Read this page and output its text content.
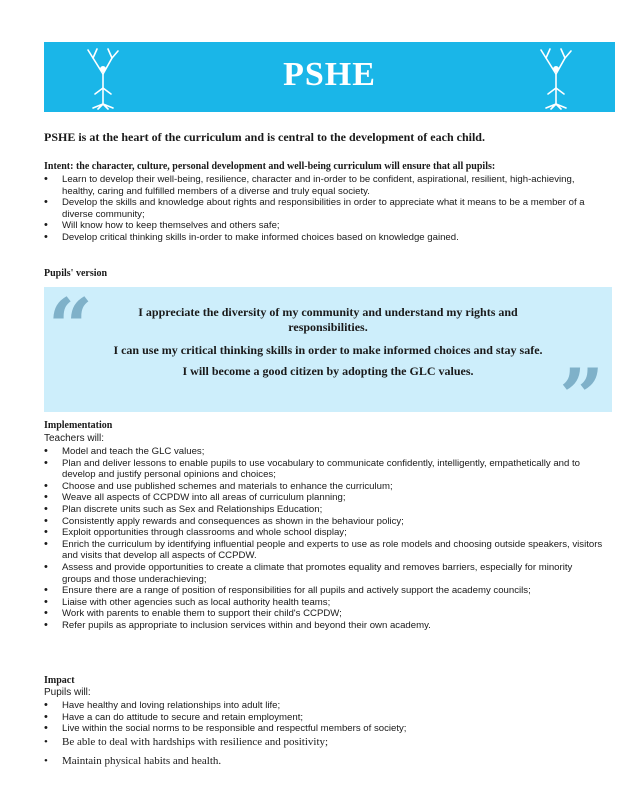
PSHE
PSHE is at the heart of the curriculum and is central to the development of each child.
Intent: the character, culture, personal development and well-being curriculum will ensure that all pupils:
• Learn to develop their well-being, resilience, character and in-order to be confident, aspirational, resilient, high-achieving, healthy, caring and fulfilled members of a diverse and truly equal society.
• Develop the skills and knowledge about rights and responsibilities in order to appreciate what it means to be a member of a diverse community;
• Will know how to keep themselves and others safe;
• Develop critical thinking skills in-order to make informed choices based on knowledge gained.
Pupils' version
“	I appreciate the diversity of my community and understand my rights and responsibilities.
I can use my critical thinking skills in order to make informed choices and stay safe.
I will become a good citizen by adopting the GLC values.	”
Implementation
Teachers will:
• Model and teach the GLC values;
• Plan and deliver lessons to enable pupils to use vocabulary to communicate confidently, intelligently, empathetically and to develop and justify personal opinions and choices;
• Choose and use published schemes and materials to enhance the curriculum;
• Weave all aspects of CCPDW into all areas of curriculum planning;
• Plan discrete units such as Sex and Relationships Education;
• Consistently apply rewards and consequences as shown in the behaviour policy;
• Exploit opportunities through classrooms and whole school display;
• Enrich the curriculum by identifying influential people and experts to use as role models and choosing outside speakers, visitors and visits that develop all aspects of CCPDW.
• Assess and provide opportunities to create a climate that promotes equality and removes barriers, especially for minority groups and those underachieving;
• Ensure there are a range of position of responsibilities for all pupils and actively support the academy councils;
• Liaise with other agencies such as local authority health teams;
• Work with parents to enable them to support their child's CCPDW;
• Refer pupils as appropriate to inclusion services within and beyond their own academy.
Impact
Pupils will:
• Have healthy and loving relationships into adult life;
• Have a can do attitude to secure and retain employment;
• Live within the social norms to be responsible and respectful members of society;
• Be able to deal with hardships with resilience and positivity;
• Maintain physical habits and health.
